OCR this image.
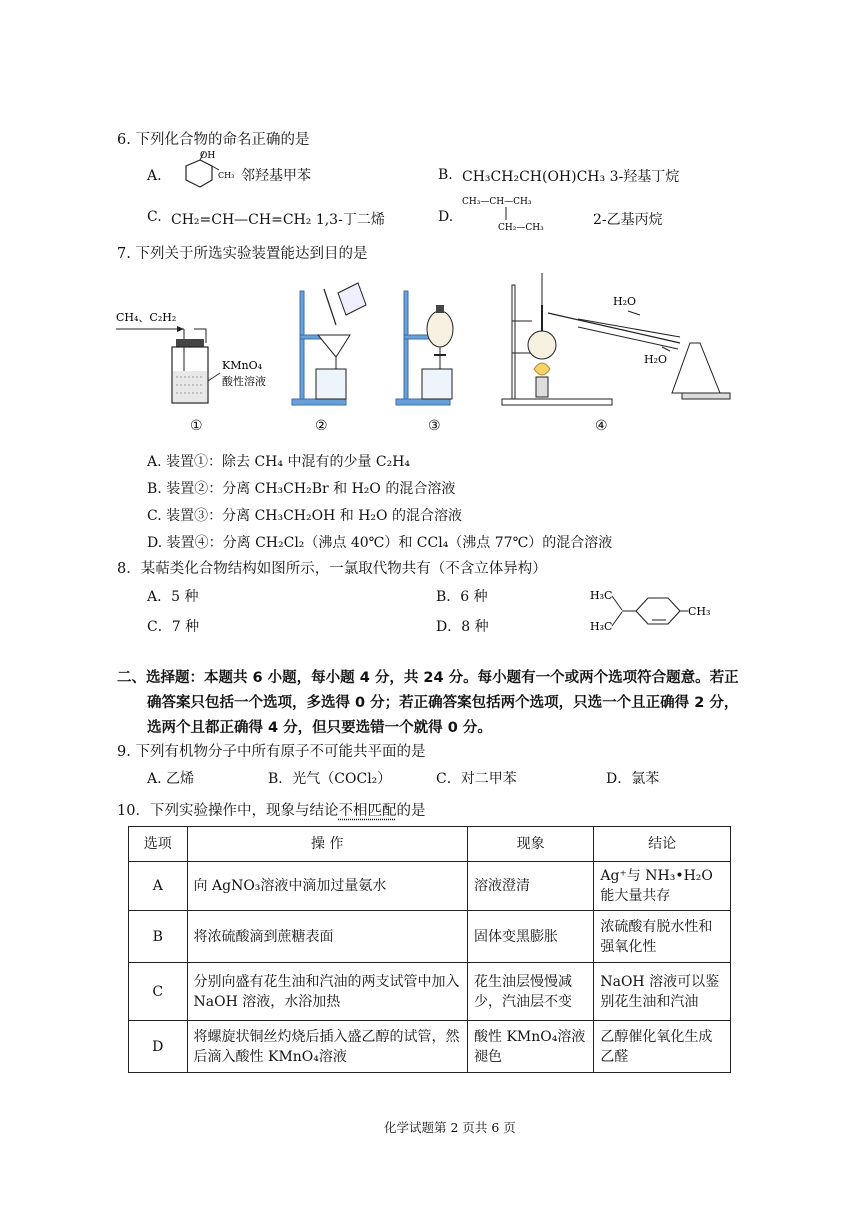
6. 下列化合物的命名正确的是
A.
OH
CH₃ 邻羟基甲苯	B. CH₃CH₂CH(OH)CH₃ 3-羟基丁烷
C. CH₂=CH—CH=CH₂ 1,3-丁二烯	D.
CH₃—CH—CH₃
CH₂—CH₃	2-乙基丙烷
7. 下列关于所选实验装置能达到目的是
CH₄、C₂H₂
KMnO₄
酸性溶液
H₂O
H₂O
①	②	③	④
A. 装置①：除去 CH₄ 中混有的少量 C₂H₄
B. 装置②：分离 CH₃CH₂Br 和 H₂O 的混合溶液
C. 装置③：分离 CH₃CH₂OH 和 H₂O 的混合溶液
D. 装置④：分离 CH₂Cl₂（沸点 40℃）和 CCl₄（沸点 77℃）的混合溶液
8．某萜类化合物结构如图所示，一氯取代物共有（不含立体异构）
A．5 种	B．6 种
C．7 种	D．8 种
H₃C
H₃C
CH₃
二、选择题：本题共 6 小题，每小题 4 分，共 24 分。每小题有一个或两个选项符合题意。若正
确答案只包括一个选项，多选得 0 分；若正确答案包括两个选项，只选一个且正确得 2 分，
选两个且都正确得 4 分，但只要选错一个就得 0 分。
9. 下列有机物分子中所有原子不可能共平面的是
A. 乙烯	B．光气（COCl₂）	C．对二甲苯	D．氯苯
10．下列实验操作中，现象与结论不相匹配的是
选项	操 作	现象	结论
A	向 AgNO₃溶液中滴加过量氨水	溶液澄清	Ag⁺与 NH₃•H₂O 能大量共存
B	将浓硫酸滴到蔗糖表面	固体变黑膨胀	浓硫酸有脱水性和强氧化性
C	分别向盛有花生油和汽油的两支试管中加入 NaOH 溶液，水浴加热	花生油层慢慢减少，汽油层不变	NaOH 溶液可以鉴别花生油和汽油
D	将螺旋状铜丝灼烧后插入盛乙醇的试管，然后滴入酸性 KMnO₄溶液	酸性 KMnO₄溶液褪色	乙醇催化氧化生成乙醛
化学试题第 2 页共 6 页
